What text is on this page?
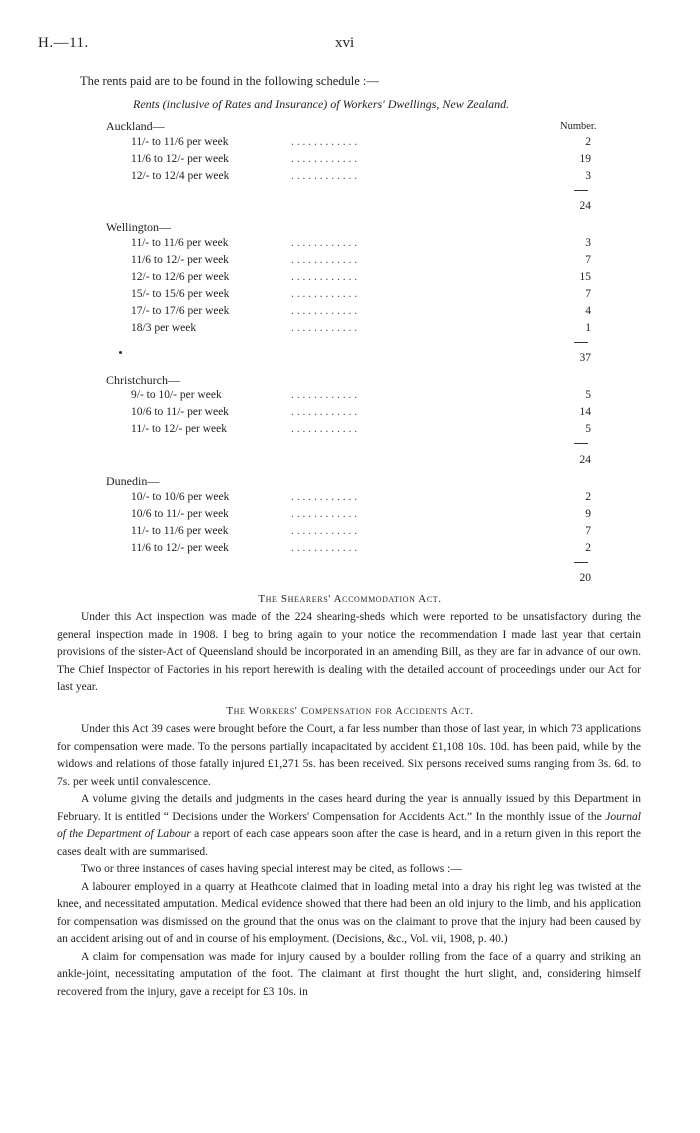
H.—11.	xvi
The rents paid are to be found in the following schedule :—
Rents (inclusive of Rates and Insurance) of Workers' Dwellings, New Zealand.
Number.
Auckland—
11/- to 11/6 per week	. . . . . . . . . . . .	2
11/6 to 12/- per week	. . . . . . . . . . . .	19
12/- to 12/4 per week	. . . . . . . . . . . .	3
24
Wellington—
11/- to 11/6 per week	. . . . . . . . . . . .	3
11/6 to 12/- per week	. . . . . . . . . . . .	7
12/- to 12/6 per week	. . . . . . . . . . . .	15
15/- to 15/6 per week	. . . . . . . . . . . .	7
17/- to 17/6 per week	. . . . . . . . . . . .	4
18/3 per week	. . . . . . . . . . . .	1
37
Christchurch—
9/- to 10/- per week	. . . . . . . . . . . .	5
10/6 to 11/- per week	. . . . . . . . . . . .	14
11/- to 12/- per week	. . . . . . . . . . . .	5
24
Dunedin—
10/- to 10/6 per week	. . . . . . . . . . . .	2
10/6 to 11/- per week	. . . . . . . . . . . .	9
11/- to 11/6 per week	. . . . . . . . . . . .	7
11/6 to 12/- per week	. . . . . . . . . . . .	2
20
The Shearers' Accommodation Act.

Under this Act inspection was made of the 224 shearing-sheds which were reported to be unsatisfactory during the general inspection made in 1908. I beg to bring again to your notice the recommendation I made last year that certain provisions of the sister-Act of Queensland should be incorporated in an amending Bill, as they are far in advance of our own. The Chief Inspector of Factories in his report herewith is dealing with the detailed account of proceedings under our Act for last year.

The Workers' Compensation for Accidents Act.

Under this Act 39 cases were brought before the Court, a far less number than those of last year, in which 73 applications for compensation were made. To the persons partially incapacitated by accident £1,108 10s. 10d. has been paid, while by the widows and relations of those fatally injured £1,271 5s. has been received. Six persons received sums ranging from 3s. 6d. to 7s. per week until convalescence.

A volume giving the details and judgments in the cases heard during the year is annually issued by this Department in February. It is entitled “ Decisions under the Workers' Compensation for Accidents Act.” In the monthly issue of the Journal of the Department of Labour a report of each case appears soon after the case is heard, and in a return given in this report the cases dealt with are summarised.

Two or three instances of cases having special interest may be cited, as follows :—

A labourer employed in a quarry at Heathcote claimed that in loading metal into a dray his right leg was twisted at the knee, and necessitated amputation. Medical evidence showed that there had been an old injury to the limb, and his application for compensation was dismissed on the ground that the onus was on the claimant to prove that the injury had been caused by an accident arising out of and in course of his employment. (Decisions, &c., Vol. vii, 1908, p. 40.)

A claim for compensation was made for injury caused by a boulder rolling from the face of a quarry and striking an ankle-joint, necessitating amputation of the foot. The claimant at first thought the hurt slight, and, considering himself recovered from the injury, gave a receipt for £3 10s. in
